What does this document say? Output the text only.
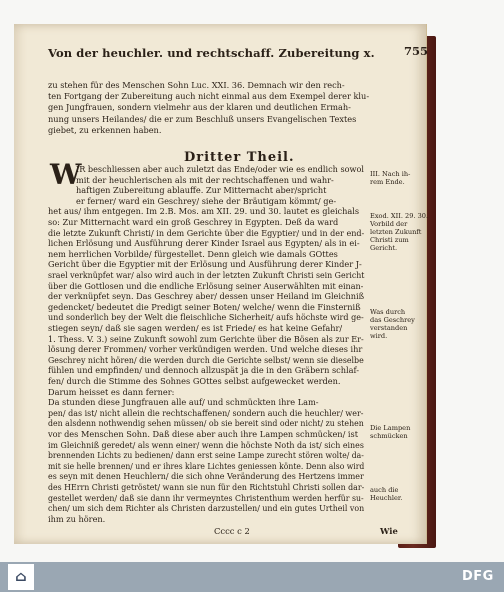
Von der heuchler. und rechtschaff. Zubereitung x.	755
zu stehen für des Menschen Sohn Luc. XXI. 36. Demnach wir den rech-
ten Fortgang der Zubereitung auch nicht einmal aus dem Exempel derer klu-
gen Jungfrauen, sondern vielmehr aus der klaren und deutlichen Ermah-
nung unsers Heilandes/ die er zum Beschluß unsers Evangelischen Textes
giebet, zu erkennen haben.
Dritter Theil.
W
IR beschliessen aber auch zuletzt das Ende/oder wie es endlich sowol
mit der heuchlerischen als mit der rechtschaffenen und wahr-
haftigen Zubereitung ablauffe. Zur Mitternacht aber/spricht
er ferner/ ward ein Geschrey/ siehe der Bräutigam kömmt/ ge-
het aus/ ihm entgegen. Im 2.B. Mos. am XII. 29. und 30. lautet es gleichals
so: Zur Mitternacht ward ein groß Geschrey in Egypten. Deß da ward
die letzte Zukunft Christi/ in dem Gerichte über die Egyptier/ und in der end-
lichen Erlösung und Ausführung derer Kinder Israel aus Egypten/ als in ei-
nem herrlichen Vorbilde/ fürgestellet. Denn gleich wie damals GOttes
Gericht über die Egyptier mit der Erlösung und Ausführung derer Kinder J-
srael verknüpfet war/ also wird auch in der letzten Zukunft Christi sein Gericht
über die Gottlosen und die endliche Erlösung seiner Auserwählten mit einan-
der verknüpfet seyn. Das Geschrey aber/ dessen unser Heiland im Gleichniß
gedencket/ bedeutet die Predigt seiner Boten/ welche/ wenn die Finsterniß
und sonderlich bey der Welt die fleischliche Sicherheit/ aufs höchste wird ge-
stiegen seyn/ daß sie sagen werden/ es ist Friede/ es hat keine Gefahr/
1. Thess. V. 3.) seine Zukunft sowohl zum Gerichte über die Bösen als zur Er-
lösung derer Frommen/ vorher verkündigen werden. Und welche dieses ihr
Geschrey nicht hören/ die werden durch die Gerichte selbst/ wenn sie dieselbe
fühlen und empfinden/ und dennoch allzuspät ja die in den Gräbern schlaf-
fen/ durch die Stimme des Sohnes GOttes selbst aufgewecket werden.
Darum heisset es dann ferner:
Da stunden diese Jungfrauen alle auf/ und schmückten ihre Lam-
pen/ das ist/ nicht allein die rechtschaffenen/ sondern auch die heuchler/ wer-
den alsdenn nothwendig sehen müssen/ ob sie bereit sind oder nicht/ zu stehen
vor des Menschen Sohn. Daß diese aber auch ihre Lampen schmücken/ ist
im Gleichniß geredet/ als wenn einer/ wenn die höchste Noth da ist/ sich eines
brennenden Lichts zu bedienen/ dann erst seine Lampe zurecht stören wolte/ da-
mit sie helle brennen/ und er ihres klare Lichtes geniessen könte. Denn also wird
es seyn mit denen Heuchlern/ die sich ohne Veränderung des Hertzens immer
des HErrn Christi getröstet/ wann sie nun für den Richtstuhl Christi sollen dar-
gestellet werden/ daß sie dann ihr vermeyntes Christenthum werden herfür su-
chen/ um sich dem Richter als Christen darzustellen/ und ein gutes Urtheil von
ihm zu hören.
III. Nach ih-
rem Ende.
Exod. XII. 29. 30.
Vorbild der
letzten Zukunft
Christi zum
Gericht.
Was durch
das Geschrey
verstanden
wird.
Die Lampen
schmücken
auch die
Heuchler.
Cccc c 2	Wie
⌂
FRANCKESCHE STIFTUNGEN
DFG
